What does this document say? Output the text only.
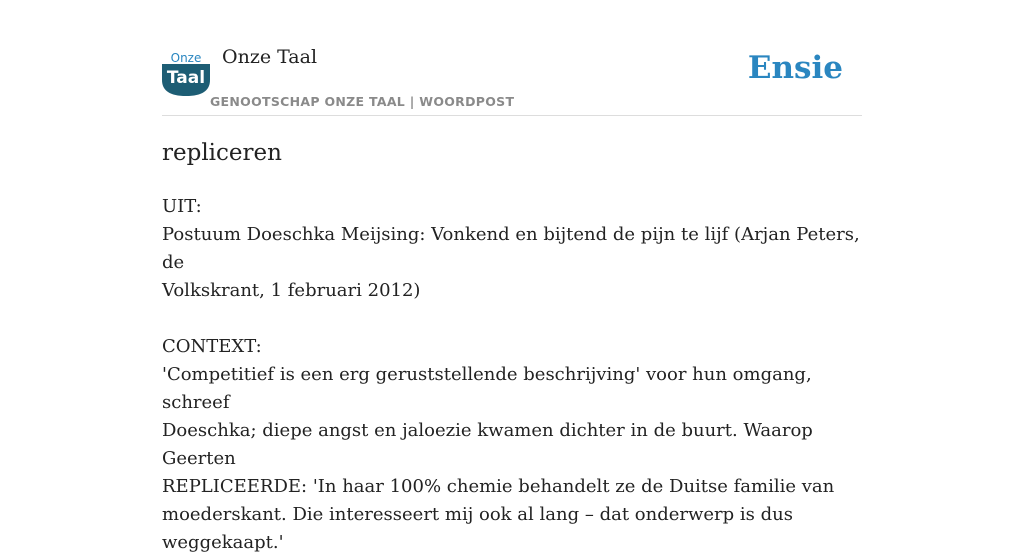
Onze
Taal
Onze Taal
GENOOTSCHAP ONZE TAAL | WOORDPOST
Ensie
repliceren

UIT:

Postuum Doeschka Meijsing: Vonkend en bijtend de pijn te lijf (Arjan Peters, de

Volkskrant, 1 februari 2012)

CONTEXT:

'Competitief is een erg geruststellende beschrijving' voor hun omgang, schreef

Doeschka; diepe angst en jaloezie kwamen dichter in de buurt. Waarop Geerten

REPLICEERDE: 'In haar 100% chemie behandelt ze de Duitse familie van

moederskant. Die interesseert mij ook al lang – dat onderwerp is dus

weggekaapt.'
